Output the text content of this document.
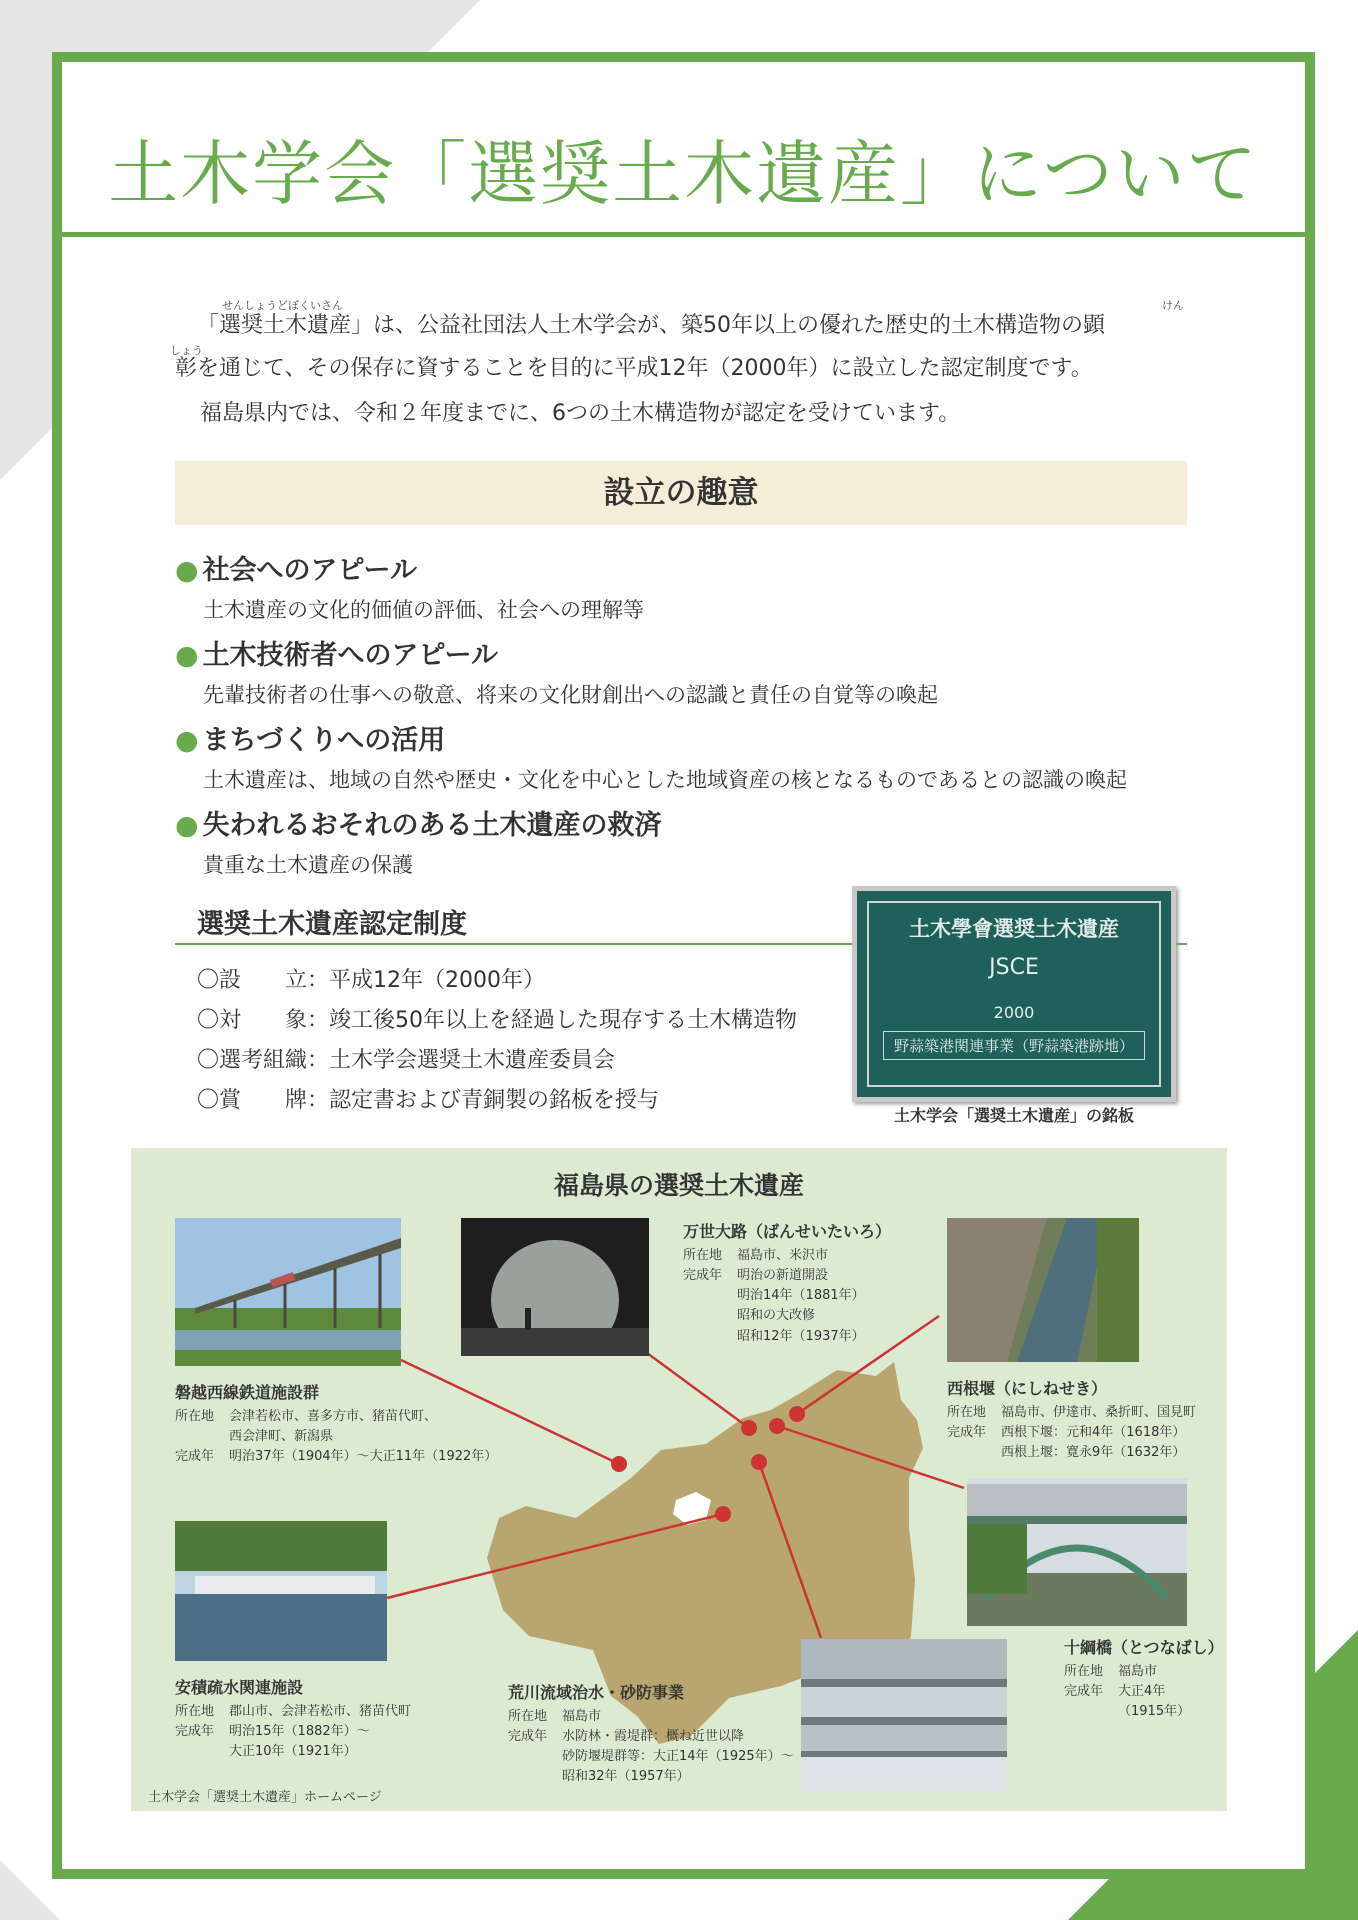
土木学会「選奨土木遺産」について
せんしょうどぼくいさん	けん
「選奨土木遺産」は、公益社団法人土木学会が、築50年以上の優れた歴史的土木構造物の顕
しょう
彰を通じて、その保存に資することを目的に平成12年（2000年）に設立した認定制度です。
福島県内では、令和２年度までに、6つの土木構造物が認定を受けています。
設立の趣意
● 社会へのアピール
土木遺産の文化的価値の評価、社会への理解等
● 土木技術者へのアピール
先輩技術者の仕事への敬意、将来の文化財創出への認識と責任の自覚等の喚起
● まちづくりへの活用
土木遺産は、地域の自然や歴史・文化を中心とした地域資産の核となるものであるとの認識の喚起
● 失われるおそれのある土木遺産の救済
貴重な土木遺産の保護
選奨土木遺産認定制度
〇設　　立：平成12年（2000年）
〇対　　象：竣工後50年以上を経過した現存する土木構造物
〇選考組織：土木学会選奨土木遺産委員会
〇賞　　牌：認定書および青銅製の銘板を授与
土木學會選奨土木遺産
JSCE
2000
野蒜築港関連事業（野蒜築港跡地）
土木学会「選奨土木遺産」の銘板
福島県の選奨土木遺産
万世大路（ばんせいたいろ）
所在地 福島市、米沢市
完成年 明治の新道開設
明治14年（1881年）
昭和の大改修
昭和12年（1937年）
磐越西線鉄道施設群
所在地 会津若松市、喜多方市、猪苗代町、
西会津町、新潟県
完成年 明治37年（1904年）～大正11年（1922年）
西根堰（にしねせき）
所在地 福島市、伊達市、桑折町、国見町
完成年 西根下堰：元和4年（1618年）
西根上堰：寛永9年（1632年）
十綱橋（とつなばし）
所在地 福島市
完成年 大正4年
（1915年）
安積疏水関連施設
所在地 郡山市、会津若松市、猪苗代町
完成年 明治15年（1882年）～
大正10年（1921年）
荒川流域治水・砂防事業
所在地 福島市
完成年 水防林・霞堤群：概ね近世以降
砂防堰堤群等：大正14年（1925年）～
昭和32年（1957年）
土木学会「選奨土木遺産」ホームページ
